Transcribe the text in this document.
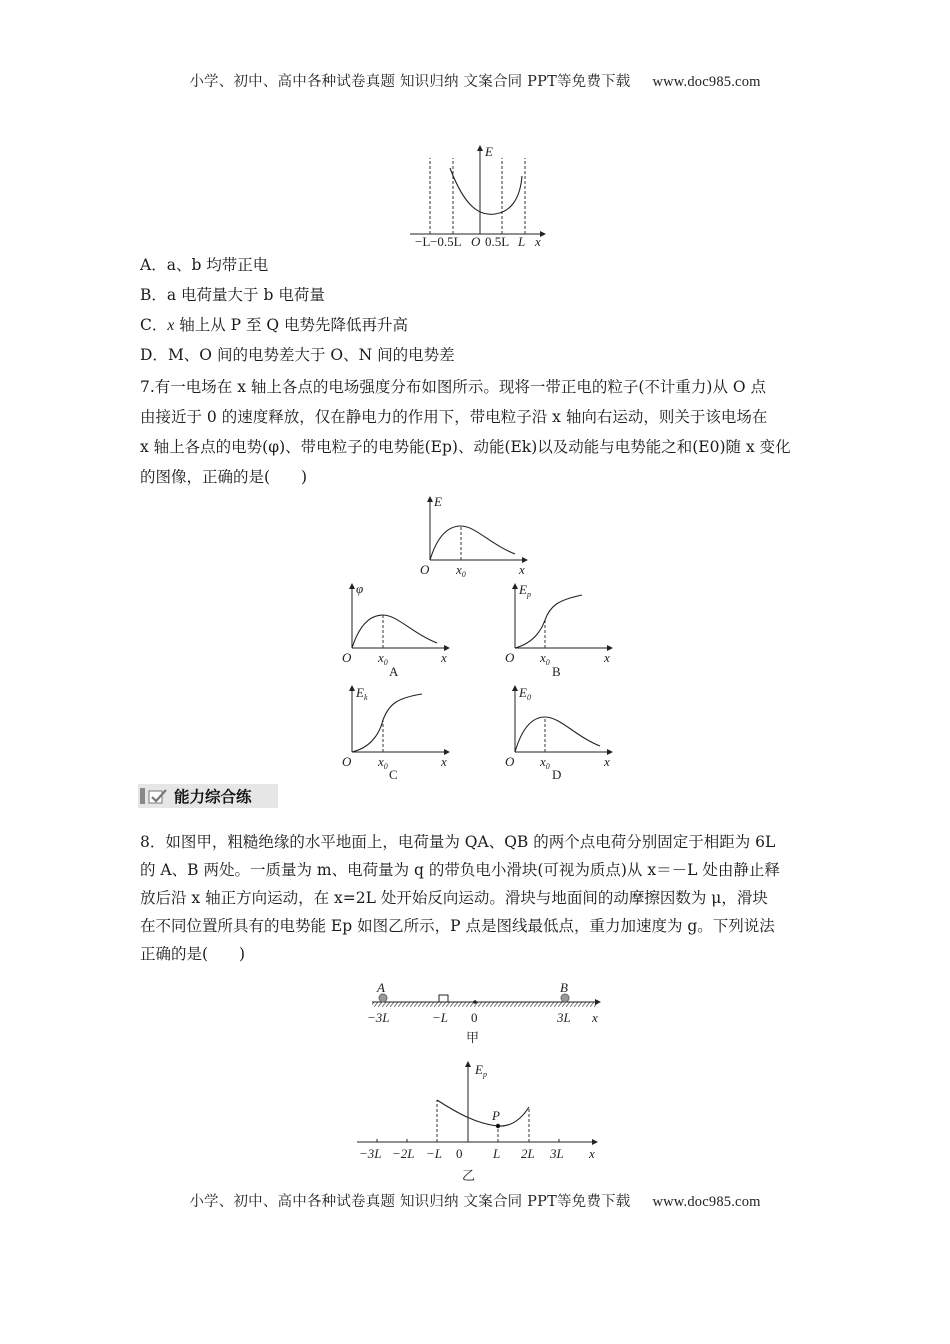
小学、初中、高中各种试卷真题 知识归纳 文案合同 PPT等免费下载 www.doc985.com
E
x
−L −0.5L O 0.5L L
A．a、b 均带正电
B．a 电荷量大于 b 电荷量
C．x 轴上从 P 至 Q 电势先降低再升高
D．M、O 间的电势差大于 O、N 间的电势差
7.有一电场在 x 轴上各点的电场强度分布如图所示。现将一带正电的粒子(不计重力)从 O 点
由接近于 0 的速度释放，仅在静电力的作用下，带电粒子沿 x 轴向右运动，则关于该电场在
x 轴上各点的电势(φ)、带电粒子的电势能(Ep)、动能(Ek)以及动能与电势能之和(E0)随 x 变化
的图像，正确的是(　　)
E
O $x_0$	x
φ
O $x_0$	x
A
$E_p$
O $x_0$	x
B
$E_k$
O $x_0$	x
C
$E_0$
O $x_0$	x
D
能力综合练
8．如图甲，粗糙绝缘的水平地面上，电荷量为 QA、QB 的两个点电荷分别固定于相距为 6L
的 A、B 两处。一质量为 m、电荷量为 q 的带负电小滑块(可视为质点)从 x＝－L 处由静止释
放后沿 x 轴正方向运动，在 x=2L 处开始反向运动。滑块与地面间的动摩擦因数为 μ，滑块
在不同位置所具有的电势能 Ep 如图乙所示，P 点是图线最低点，重力加速度为 g。下列说法
正确的是(　　)
A	B
−3L	−L 0	3L x
甲
$E_p$
P
−3L −2L −L 0 L 2L 3L x
乙
小学、初中、高中各种试卷真题 知识归纳 文案合同 PPT等免费下载 www.doc985.com
